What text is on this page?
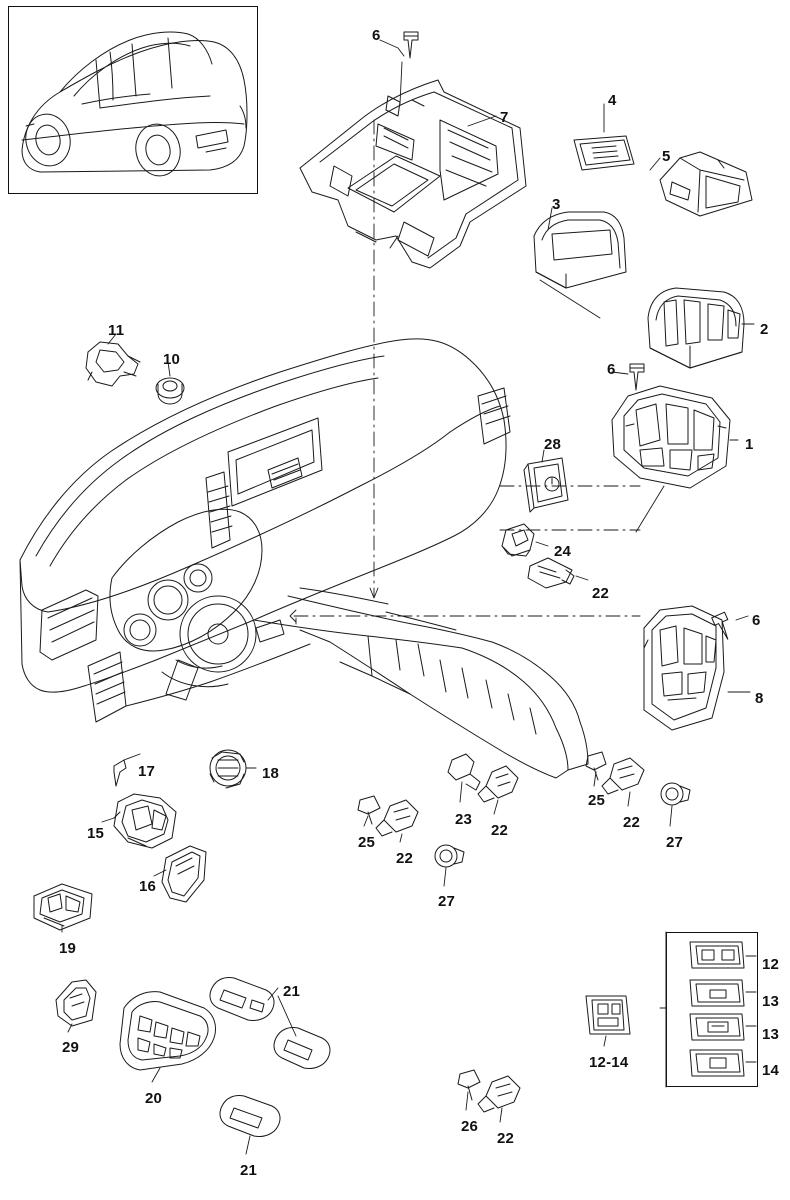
6
7
4
5
3
2
6
1
11
10
28
24
22
6
8
17	18
15
16
23
22
25
22
27
25
22
27
19
29
20
21
21
26
22
12
13
13
14
12-14
